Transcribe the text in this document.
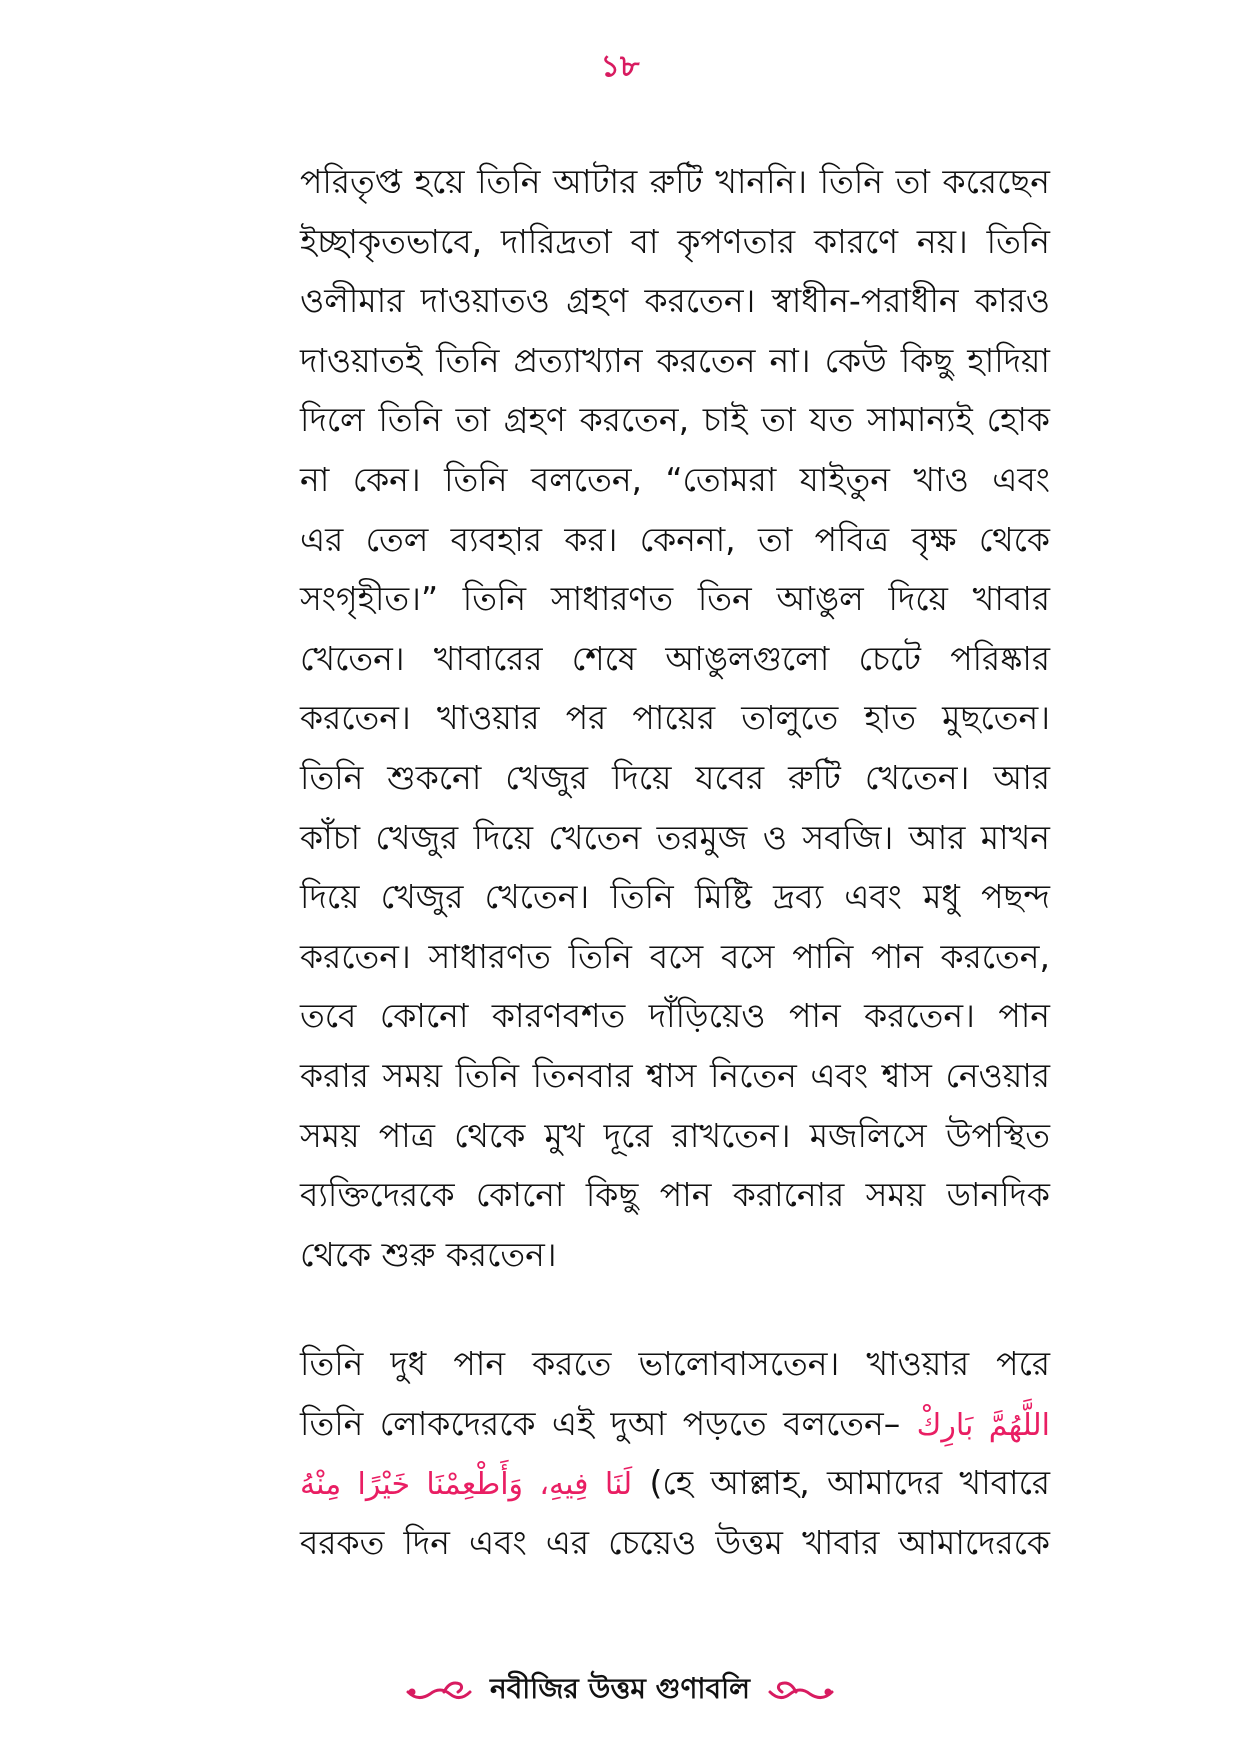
১৮
পরিতৃপ্ত হয়ে তিনি আটার রুটি খাননি। তিনি তা করেছেন
ইচ্ছাকৃতভাবে, দারিদ্রতা বা কৃপণতার কারণে নয়। তিনি
ওলীমার দাওয়াতও গ্রহণ করতেন। স্বাধীন-পরাধীন কারও
দাওয়াতই তিনি প্রত্যাখ্যান করতেন না। কেউ কিছু হাদিয়া
দিলে তিনি তা গ্রহণ করতেন, চাই তা যত সামান্যই হোক
না কেন। তিনি বলতেন, “তোমরা যাইতুন খাও এবং
এর তেল ব্যবহার কর। কেননা, তা পবিত্র বৃক্ষ থেকে
সংগৃহীত।” তিনি সাধারণত তিন আঙুল দিয়ে খাবার
খেতেন। খাবারের শেষে আঙুলগুলো চেটে পরিষ্কার
করতেন। খাওয়ার পর পায়ের তালুতে হাত মুছতেন।
তিনি শুকনো খেজুর দিয়ে যবের রুটি খেতেন। আর
কাঁচা খেজুর দিয়ে খেতেন তরমুজ ও সবজি। আর মাখন
দিয়ে খেজুর খেতেন। তিনি মিষ্টি দ্রব্য এবং মধু পছন্দ
করতেন। সাধারণত তিনি বসে বসে পানি পান করতেন,
তবে কোনো কারণবশত দাঁড়িয়েও পান করতেন। পান
করার সময় তিনি তিনবার শ্বাস নিতেন এবং শ্বাস নেওয়ার
সময় পাত্র থেকে মুখ দূরে রাখতেন। মজলিসে উপস্থিত
ব্যক্তিদেরকে কোনো কিছু পান করানোর সময় ডানদিক
থেকে শুরু করতেন।
তিনি দুধ পান করতে ভালোবাসতেন। খাওয়ার পরে
তিনি লোকদেরকে এই দুআ পড়তে বলতেন– اللَّهُمَّ بَارِكْ
لَنَا فِيهِ، وَأَطْعِمْنَا خَيْرًا مِنْهُ (হে আল্লাহ, আমাদের খাবারে
বরকত দিন এবং এর চেয়েও উত্তম খাবার আমাদেরকে
নবীজির উত্তম গুণাবলি
